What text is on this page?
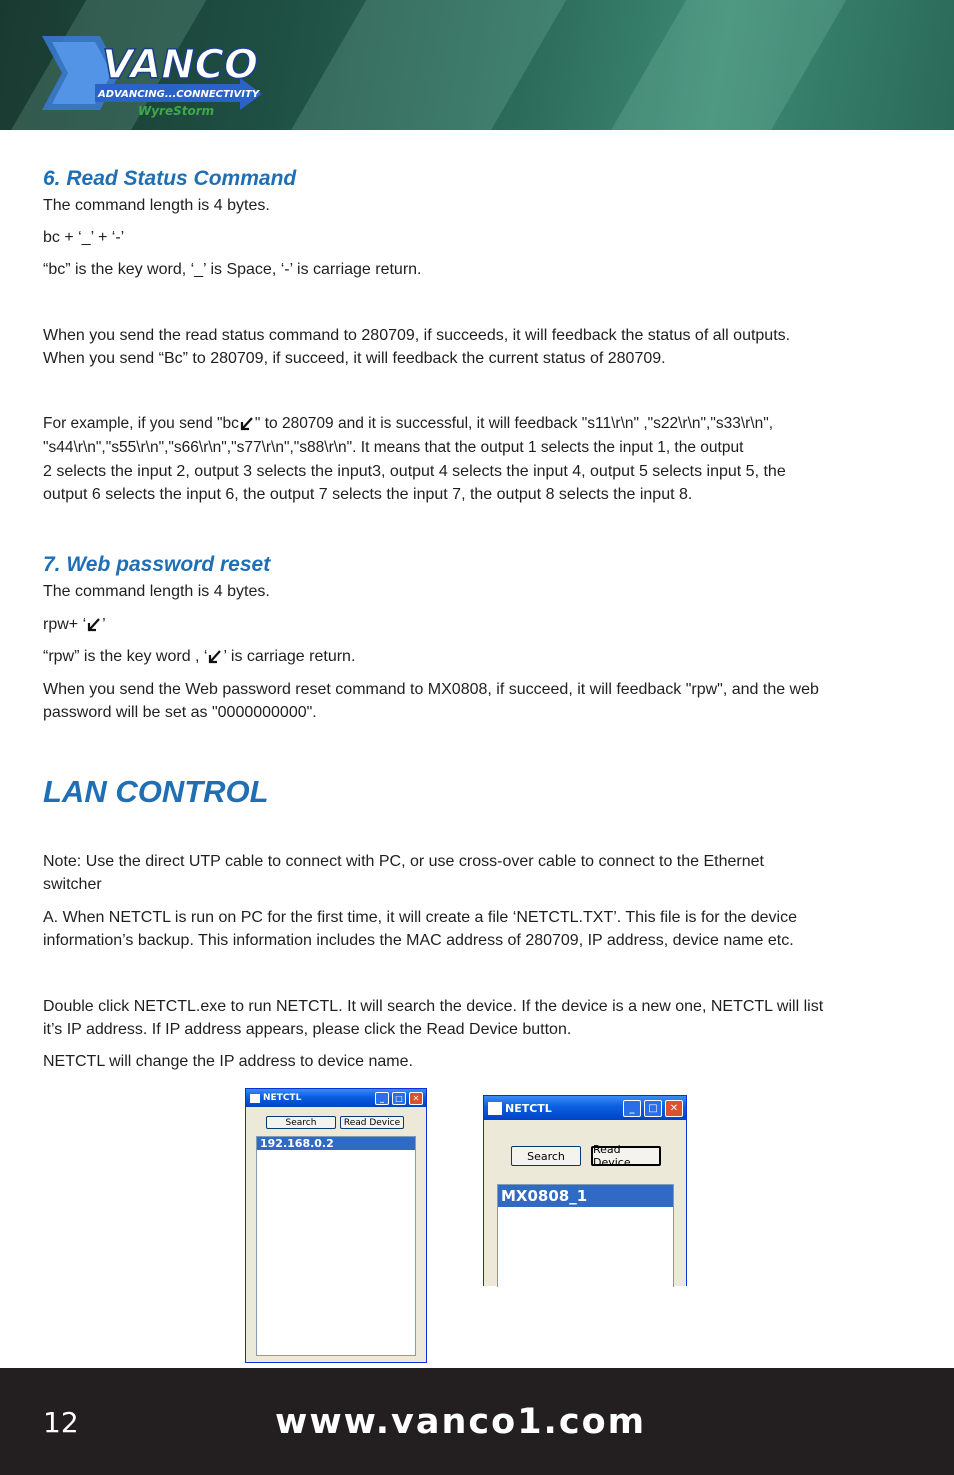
VANCO
ADVANCING...CONNECTIVITY
WyreStorm
6. Read Status Command

The command length is 4 bytes.

bc + ‘_’ + ‘-’

“bc” is the key word, ‘_’ is Space, ‘-’ is carriage return.

When you send the read status command to 280709, if succeeds, it will feedback the status of all outputs.

When you send “Bc” to 280709, if succeed, it will feedback the current status of 280709.

For example, if you send "bc " to 280709 and it is successful, it will feedback "s11\r\n" ,"s22\r\n","s33\r\n",

"s44\r\n","s55\r\n","s66\r\n","s77\r\n","s88\r\n". It means that the output 1 selects the input 1, the output

2 selects the input 2, output 3 selects the input3, output 4 selects the input 4, output 5 selects input 5, the

output 6 selects the input 6, the output 7 selects the input 7, the output 8 selects the input 8.

7. Web password reset

The command length is 4 bytes.

rpw+ ‘ ’

“rpw” is the key word , ‘ ’ is carriage return.

When you send the Web password reset command to MX0808, if succeed, it will feedback "rpw", and the web

password will be set as "0000000000".

LAN CONTROL

Note: Use the direct UTP cable to connect with PC, or use cross-over cable to connect to the Ethernet

switcher

A. When NETCTL is run on PC for the first time, it will create a file ‘NETCTL.TXT’. This file is for the device

information’s backup. This information includes the MAC address of 280709, IP address, device name etc.

Double click NETCTL.exe to run NETCTL. It will search the device. If the device is a new one, NETCTL will list

it’s IP address. If IP address appears, please click the Read Device button.

NETCTL will change the IP address to device name.

NETCTL	_	□	✕
Search	Read Device
192.168.0.2
NETCTL	_	□	✕
Search	Read Device
MX0808_1
12	www.vanco1.com
